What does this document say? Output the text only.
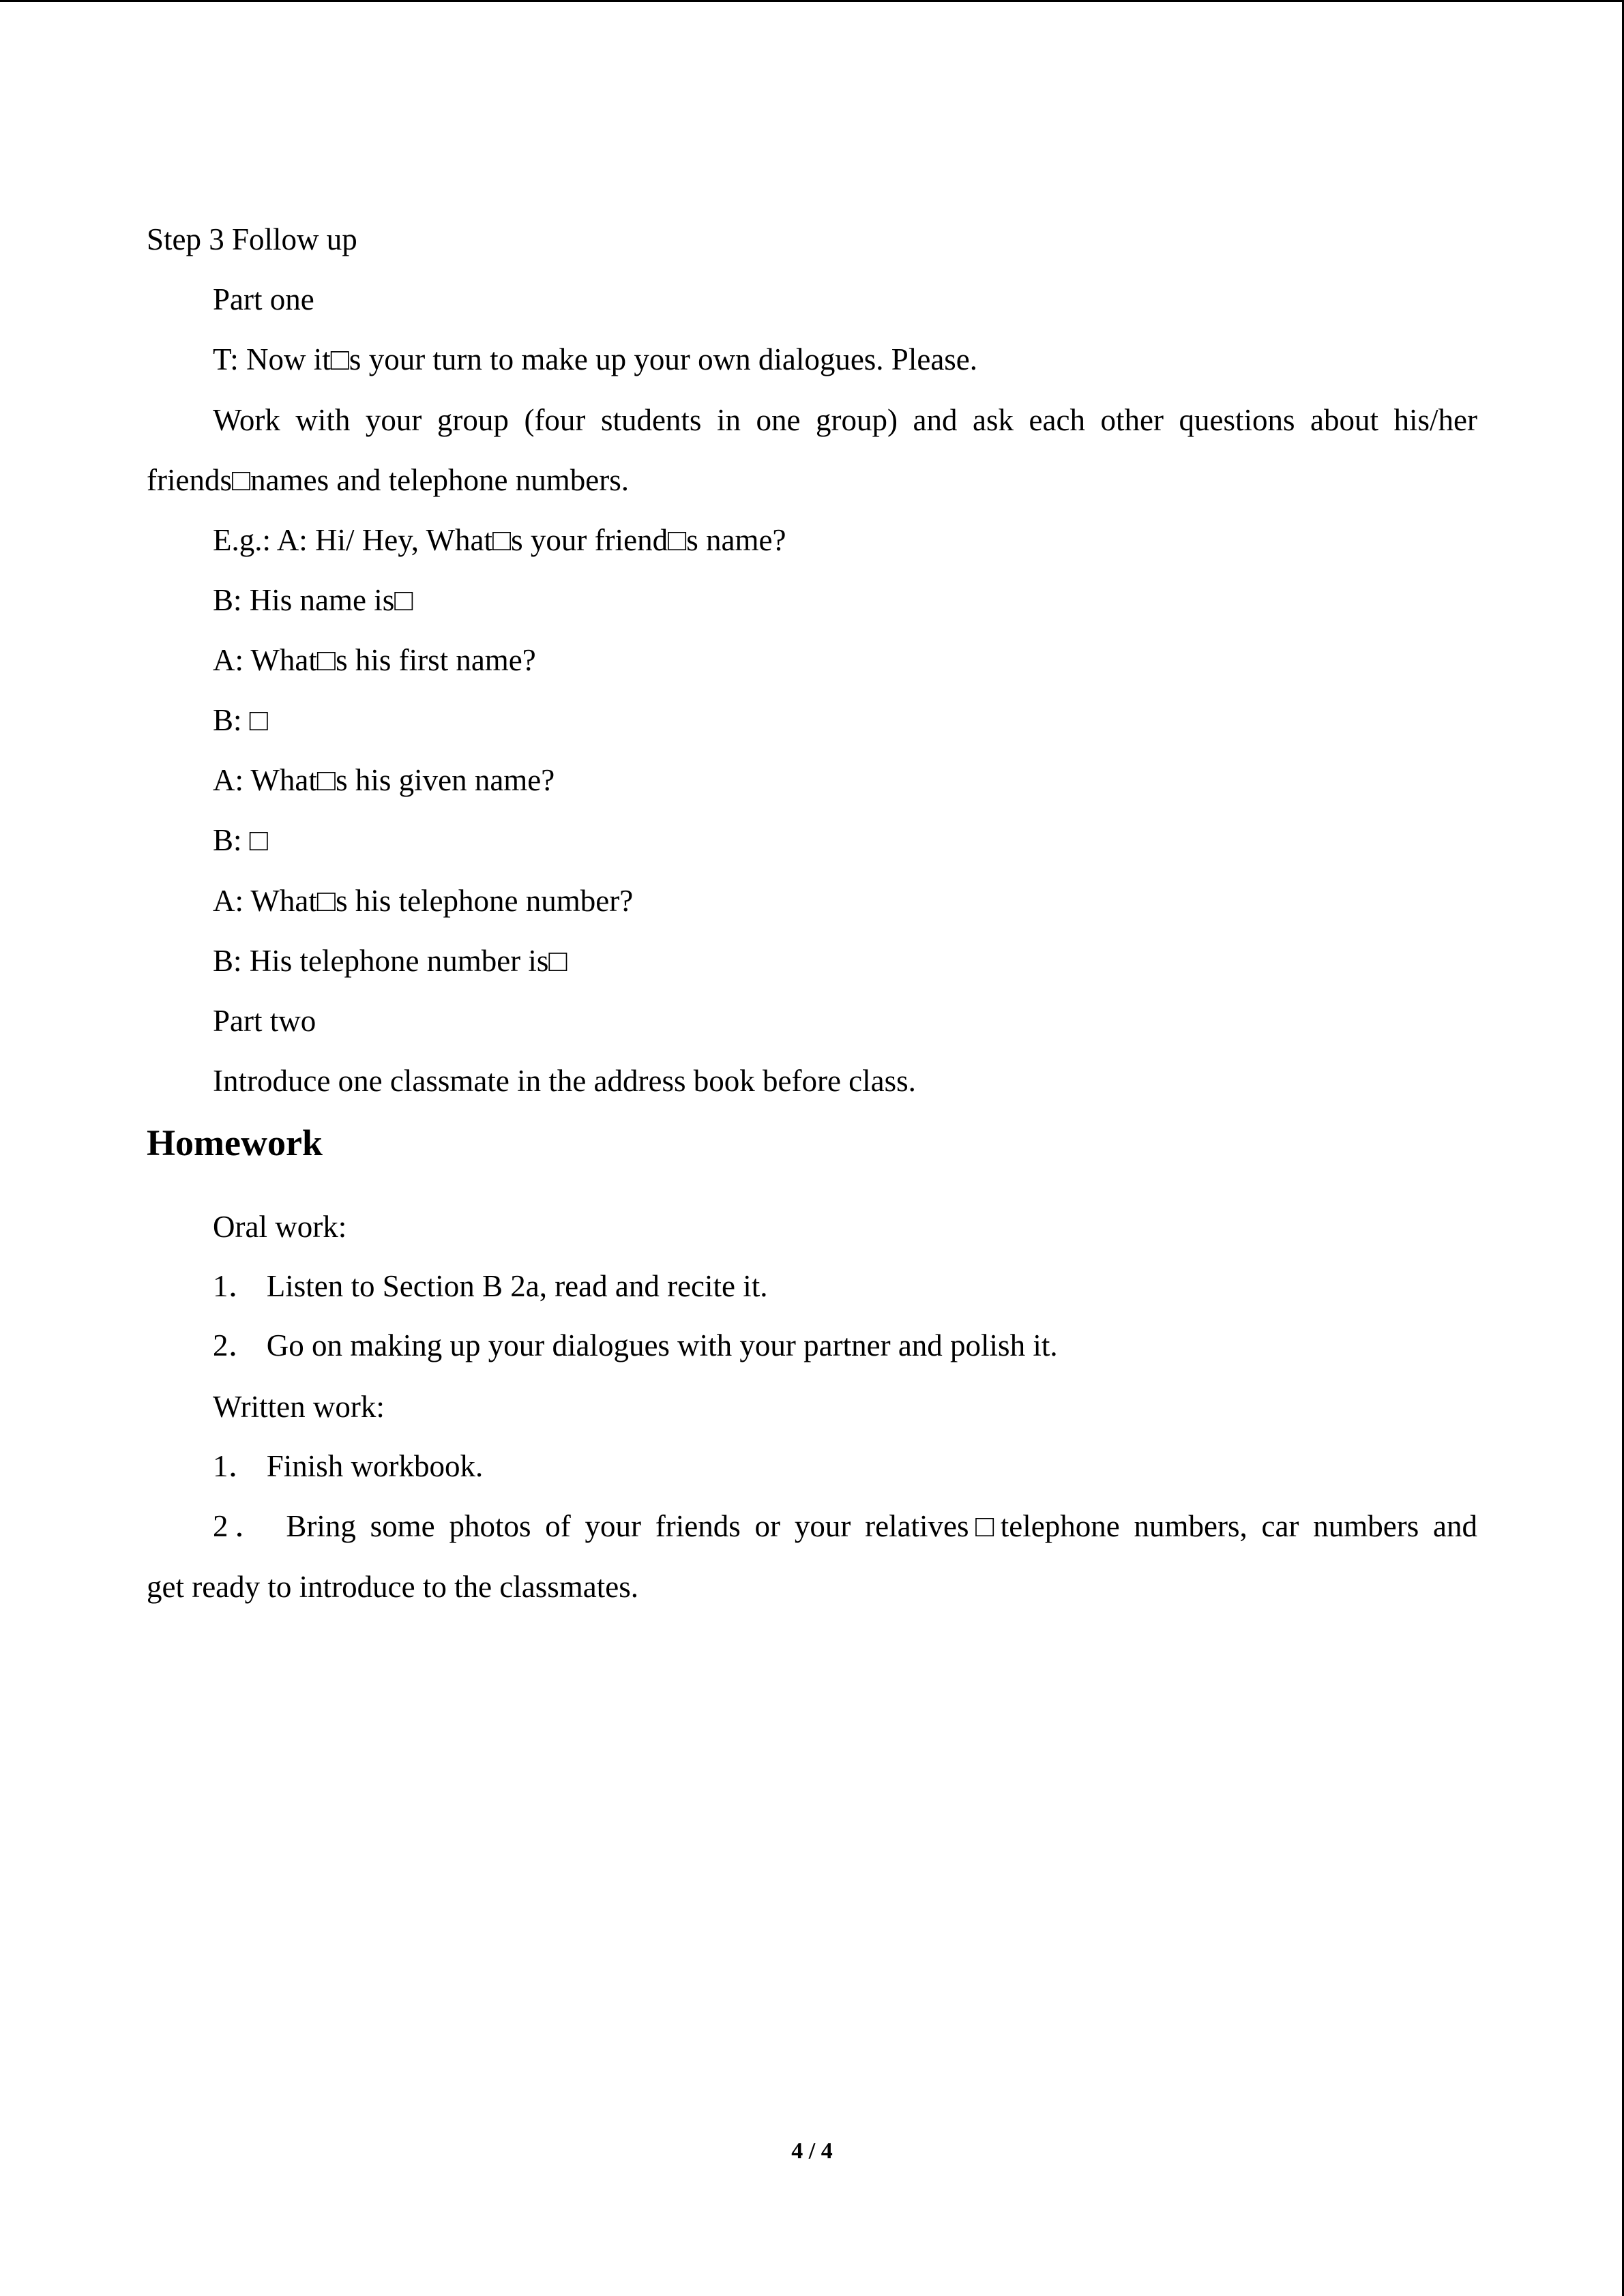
Step 3 Follow up
Part one
T: Now it□s your turn to make up your own dialogues. Please.
Work with your group (four students in one group) and ask each other questions about his/her
friends□names and telephone numbers.
E.g.: A: Hi/ Hey, What□s your friend□s name?
B: His name is□
A: What□s his first name?
B: □
A: What□s his given name?
B: □
A: What□s his telephone number?
B: His telephone number is□
Part two
Introduce one classmate in the address book before class.
Homework
Oral work:
1． Listen to Section B 2a, read and recite it.
2． Go on making up your dialogues with your partner and polish it.
Written work:
1． Finish workbook.
2． Bring some photos of your friends or your relatives□telephone numbers, car numbers and
get ready to introduce to the classmates.
4 / 4
